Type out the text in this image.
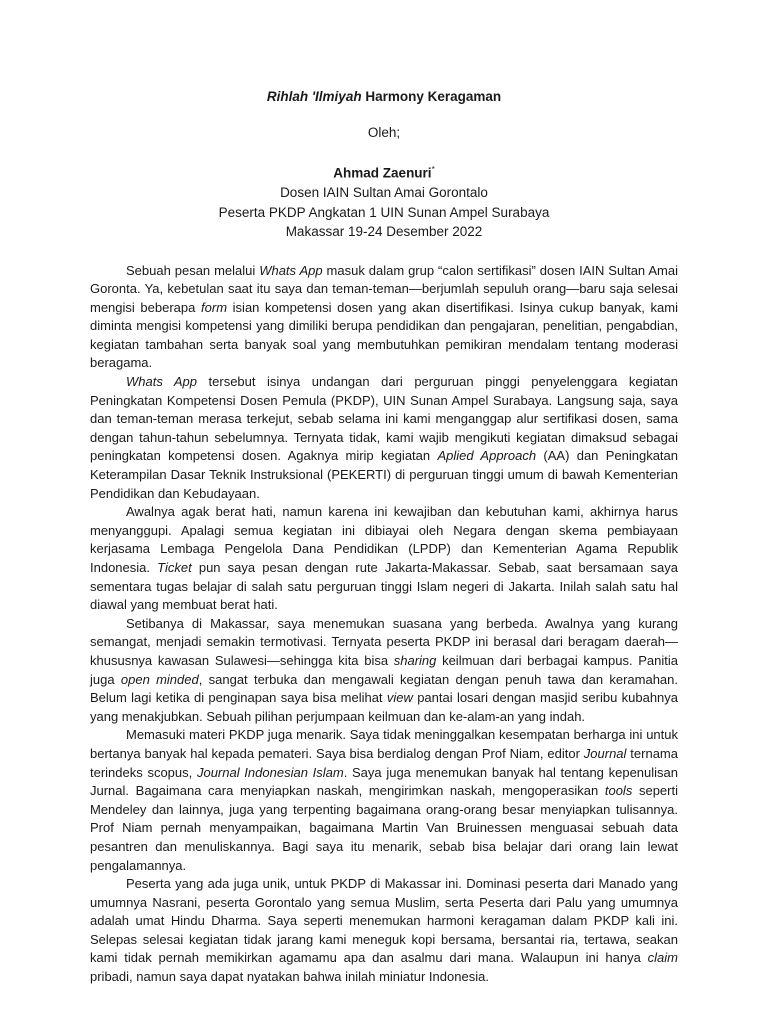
Rihlah 'Ilmiyah Harmony Keragaman
Oleh;
Ahmad Zaenuri*
Dosen IAIN Sultan Amai Gorontalo
Peserta PKDP Angkatan 1 UIN Sunan Ampel Surabaya
Makassar 19-24 Desember 2022

Sebuah pesan melalui Whats App masuk dalam grup “calon sertifikasi” dosen IAIN Sultan Amai Goronta. Ya, kebetulan saat itu saya dan teman-teman—berjumlah sepuluh orang—baru saja selesai mengisi beberapa form isian kompetensi dosen yang akan disertifikasi. Isinya cukup banyak, kami diminta mengisi kompetensi yang dimiliki berupa pendidikan dan pengajaran, penelitian, pengabdian, kegiatan tambahan serta banyak soal yang membutuhkan pemikiran mendalam tentang moderasi beragama.

Whats App tersebut isinya undangan dari perguruan pinggi penyelenggara kegiatan Peningkatan Kompetensi Dosen Pemula (PKDP), UIN Sunan Ampel Surabaya. Langsung saja, saya dan teman-teman merasa terkejut, sebab selama ini kami menganggap alur sertifikasi dosen, sama dengan tahun-tahun sebelumnya. Ternyata tidak, kami wajib mengikuti kegiatan dimaksud sebagai peningkatan kompetensi dosen. Agaknya mirip kegiatan Aplied Approach (AA) dan Peningkatan Keterampilan Dasar Teknik Instruksional (PEKERTI) di perguruan tinggi umum di bawah Kementerian Pendidikan dan Kebudayaan.

Awalnya agak berat hati, namun karena ini kewajiban dan kebutuhan kami, akhirnya harus menyanggupi. Apalagi semua kegiatan ini dibiayai oleh Negara dengan skema pembiayaan kerjasama Lembaga Pengelola Dana Pendidikan (LPDP) dan Kementerian Agama Republik Indonesia. Ticket pun saya pesan dengan rute Jakarta-Makassar. Sebab, saat bersamaan saya sementara tugas belajar di salah satu perguruan tinggi Islam negeri di Jakarta. Inilah salah satu hal diawal yang membuat berat hati.

Setibanya di Makassar, saya menemukan suasana yang berbeda. Awalnya yang kurang semangat, menjadi semakin termotivasi. Ternyata peserta PKDP ini berasal dari beragam daerah—khususnya kawasan Sulawesi—sehingga kita bisa sharing keilmuan dari berbagai kampus. Panitia juga open minded, sangat terbuka dan mengawali kegiatan dengan penuh tawa dan keramahan. Belum lagi ketika di penginapan saya bisa melihat view pantai losari dengan masjid seribu kubahnya yang menakjubkan. Sebuah pilihan perjumpaan keilmuan dan ke-alam-an yang indah.

Memasuki materi PKDP juga menarik. Saya tidak meninggalkan kesempatan berharga ini untuk bertanya banyak hal kepada pemateri. Saya bisa berdialog dengan Prof Niam, editor Journal ternama terindeks scopus, Journal Indonesian Islam. Saya juga menemukan banyak hal tentang kepenulisan Jurnal. Bagaimana cara menyiapkan naskah, mengirimkan naskah, mengoperasikan tools seperti Mendeley dan lainnya, juga yang terpenting bagaimana orang-orang besar menyiapkan tulisannya. Prof Niam pernah menyampaikan, bagaimana Martin Van Bruinessen menguasai sebuah data pesantren dan menuliskannya. Bagi saya itu menarik, sebab bisa belajar dari orang lain lewat pengalamannya.

Peserta yang ada juga unik, untuk PKDP di Makassar ini. Dominasi peserta dari Manado yang umumnya Nasrani, peserta Gorontalo yang semua Muslim, serta Peserta dari Palu yang umumnya adalah umat Hindu Dharma. Saya seperti menemukan harmoni keragaman dalam PKDP kali ini. Selepas selesai kegiatan tidak jarang kami meneguk kopi bersama, bersantai ria, tertawa, seakan kami tidak pernah memikirkan agamamu apa dan asalmu dari mana. Walaupun ini hanya claim pribadi, namun saya dapat nyatakan bahwa inilah miniatur Indonesia.
